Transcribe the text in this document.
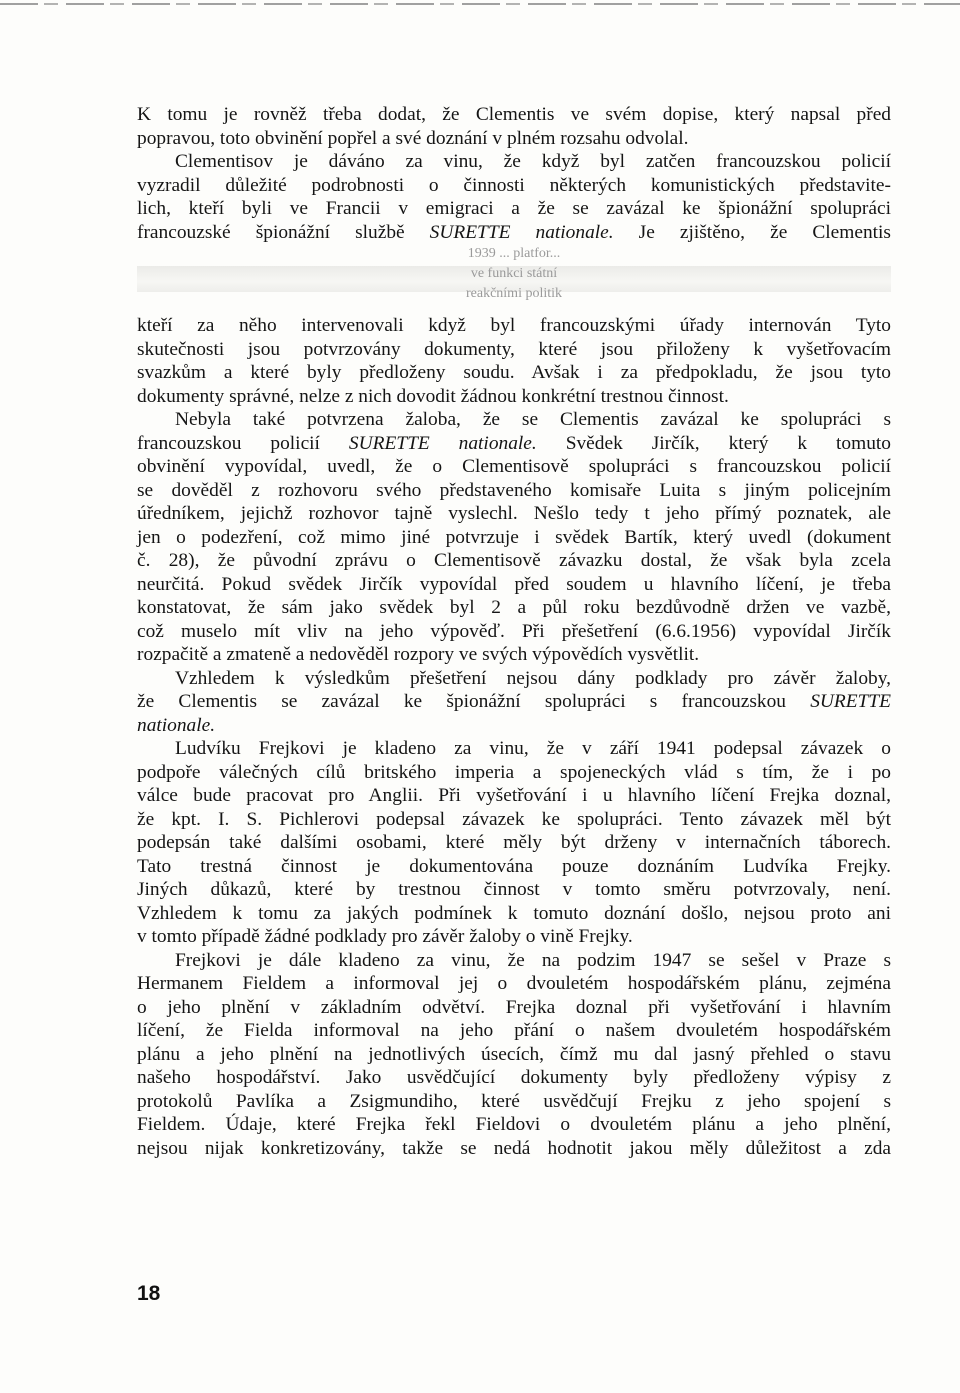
K tomu je rovněž třeba dodat, že Clementis ve svém dopise, který napsal před

popravou, toto obvinění popřel a své doznání v plném rozsahu odvolal.

Clementisov je dáváno za vinu, že když byl zatčen francouzskou policií

vyzradil důležité podrobnosti o činnosti některých komunistických představite-

lich, kteří byli ve Francii v emigraci a že se zavázal ke špionážní spolupráci

francouzské špionážní službě SURETTE nationale. Je zjištěno, že Clementis

1939 ... platfor...
ve funkci státní
reakčními politik

kteří za něho intervenovali když byl francouzskými úřady internován Tyto

skutečnosti jsou potvrzovány dokumenty, které jsou přiloženy k vyšetřovacím

svazkům a které byly předloženy soudu. Avšak i za předpokladu, že jsou tyto

dokumenty správné, nelze z nich dovodit žádnou konkrétní trestnou činnost.

Nebyla také potvrzena žaloba, že se Clementis zavázal ke spolupráci s

francouzskou policií SURETTE nationale. Svědek Jirčík, který k tomuto

obvinění vypovídal, uvedl, že o Clementisově spolupráci s francouzskou policií

se dověděl z rozhovoru svého představeného komisaře Luita s jiným policejním

úředníkem, jejichž rozhovor tajně vyslechl. Nešlo tedy t jeho přímý poznatek, ale

jen o podezření, což mimo jiné potvrzuje i svědek Bartík, který uvedl (dokument

č. 28), že původní zprávu o Clementisově závazku dostal, že však byla zcela

neurčitá. Pokud svědek Jirčík vypovídal před soudem u hlavního líčení, je třeba

konstatovat, že sám jako svědek byl 2 a půl roku bezdůvodně držen ve vazbě,

což muselo mít vliv na jeho výpověď. Při přešetření (6.6.1956) vypovídal Jirčík

rozpačitě a zmateně a nedověděl rozpory ve svých výpovědích vysvětlit.

Vzhledem k výsledkům přešetření nejsou dány podklady pro závěr žaloby,

že Clementis se zavázal ke špionážní spolupráci s francouzskou SURETTE

nationale.

Ludvíku Frejkovi je kladeno za vinu, že v září 1941 podepsal závazek o

podpoře válečných cílů britského imperia a spojeneckých vlád s tím, že i po

válce bude pracovat pro Anglii. Při vyšetřování i u hlavního líčení Frejka doznal,

že kpt. I. S. Pichlerovi podepsal závazek ke spolupráci. Tento závazek měl být

podepsán také dalšími osobami, které měly být drženy v internačních táborech.

Tato trestná činnost je dokumentována pouze doznáním Ludvíka Frejky.

Jiných důkazů, které by trestnou činnost v tomto směru potvrzovaly, není.

Vzhledem k tomu za jakých podmínek k tomuto doznání došlo, nejsou proto ani

v tomto případě žádné podklady pro závěr žaloby o vině Frejky.

Frejkovi je dále kladeno za vinu, že na podzim 1947 se sešel v Praze s

Hermanem Fieldem a informoval jej o dvouletém hospodářském plánu, zejména

o jeho plnění v základním odvětví. Frejka doznal při vyšetřování i hlavním

líčení, že Fielda informoval na jeho přání o našem dvouletém hospodářském

plánu a jeho plnění na jednotlivých úsecích, čímž mu dal jasný přehled o stavu

našeho hospodářství. Jako usvědčující dokumenty byly předloženy výpisy z

protokolů Pavlíka a Zsigmundiho, které usvědčují Frejku z jeho spojení s

Fieldem. Údaje, které Frejka řekl Fieldovi o dvouletém plánu a jeho plnění,

nejsou nijak konkretizovány, takže se nedá hodnotit jakou měly důležitost a zda

18
